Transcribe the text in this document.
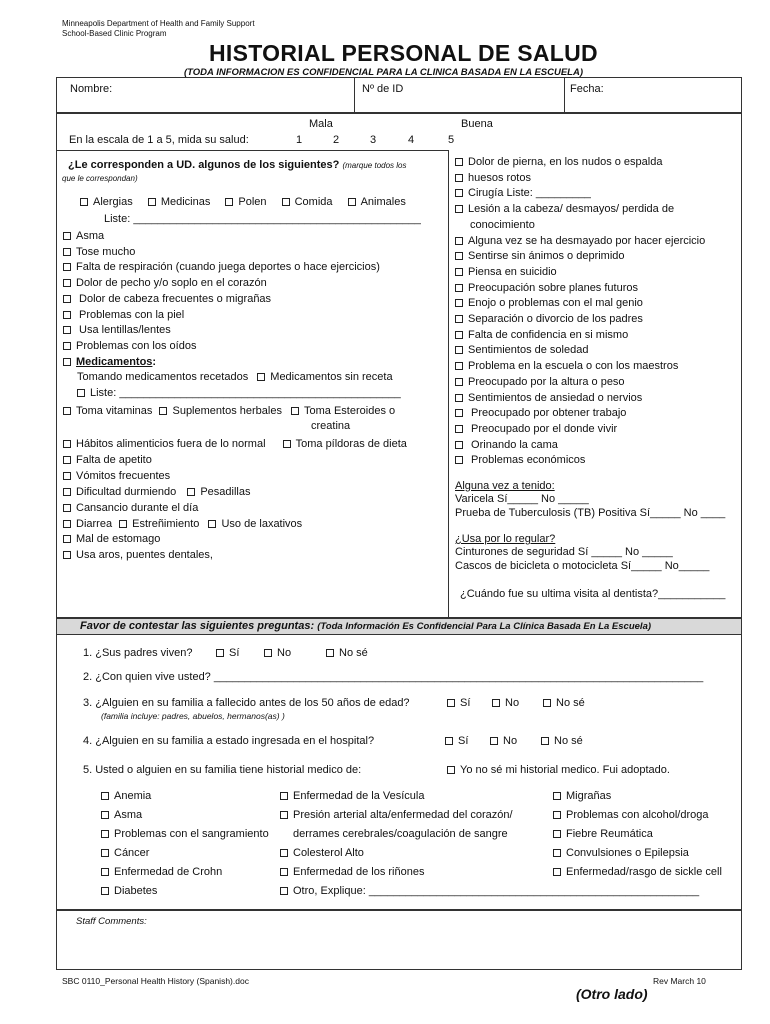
Minneapolis Department of Health and Family Support
School-Based Clinic Program
HISTORIAL PERSONAL DE SALUD
(TODA INFORMACION ES CONFIDENCIAL PARA LA CLINICA BASADA EN LA ESCUELA)
Nombre:	Nº de ID	Fecha:
Mala	Buena
En la escala de 1 a 5, mida su salud:	1	2	3	4	5
¿Le corresponden a UD. algunos de los siguientes? (marque todos los
que le correspondan)
Alergias	Medicinas	Polen	Comida	Animales
Liste: _______________________________________________
Asma
Tose mucho
Falta de respiración (cuando juega deportes o hace ejercicios)
Dolor de pecho y/o soplo en el corazón
Dolor de cabeza frecuentes o migrañas
Problemas con la piel
Usa lentillas/lentes
Problemas con los oídos
Medicamentos:
Tomando medicamentos recetados Medicamentos sin receta
Liste: ______________________________________________
Toma vitaminas Suplementos herbales Toma Esteroides o
creatina
Hábitos alimenticios fuera de lo normal	Toma píldoras de dieta
Falta de apetito
Vómitos frecuentes
Dificultad durmiendo Pesadillas
Cansancio durante el día
Diarrea Estreñimiento Uso de laxativos
Mal de estomago
Usa aros, puentes dentales,
Dolor de pierna, en los nudos o espalda
huesos rotos
Cirugía Liste: _________
Lesión a la cabeza/ desmayos/ perdida de
conocimiento
Alguna vez se ha desmayado por hacer ejercicio
Sentirse sin ánimos o deprimido
Piensa en suicidio
Preocupación sobre planes futuros
Enojo o problemas con el mal genio
Separación o divorcio de los padres
Falta de confidencia en si mismo
Sentimientos de soledad
Problema en la escuela o con los maestros
Preocupado por la altura o peso
Sentimientos de ansiedad o nervios
Preocupado por obtener trabajo
Preocupado por el donde vivir
Orinando la cama
Problemas económicos
Alguna vez a tenido:
Varicela Sí_____ No _____
Prueba de Tuberculosis (TB) Positiva Sí_____ No ____
¿Usa por lo regular?
Cinturones de seguridad Sí _____ No _____
Cascos de bicicleta o motocicleta Sí_____ No_____
¿Cuándo fue su ultima visita al dentista?___________
Favor de contestar las siguientes preguntas: (Toda Información Es Confidencial Para La Clínica Basada En La Escuela)
1. ¿Sus padres viven?	Sí	No	No sé
2. ¿Con quien vive usted? ________________________________________________________________________________
3. ¿Alguien en su familia a fallecido antes de los 50 años de edad?
(familia incluye: padres, abuelos, hermanos(as) )
Sí	No	No sé
4. ¿Alguien en su familia a estado ingresada en el hospital?	Sí	No	No sé
5. Usted o alguien en su familia tiene historial medico de:	Yo no sé mi historial medico. Fui adoptado.
Anemia
Asma
Problemas con el sangramiento
Cáncer
Enfermedad de Crohn
Diabetes
Enfermedad de la Vesícula
Presión arterial alta/enfermedad del corazón/
derrames cerebrales/coagulación de sangre
Colesterol Alto
Enfermedad de los riñones
Otro, Explique: ______________________________________________________
Migrañas
Problemas con alcohol/droga
Fiebre Reumática
Convulsiones o Epilepsia
Enfermedad/rasgo de sickle cell
Staff Comments:
SBC 0110_Personal Health History (Spanish).doc	Rev March 10
(Otro lado)
